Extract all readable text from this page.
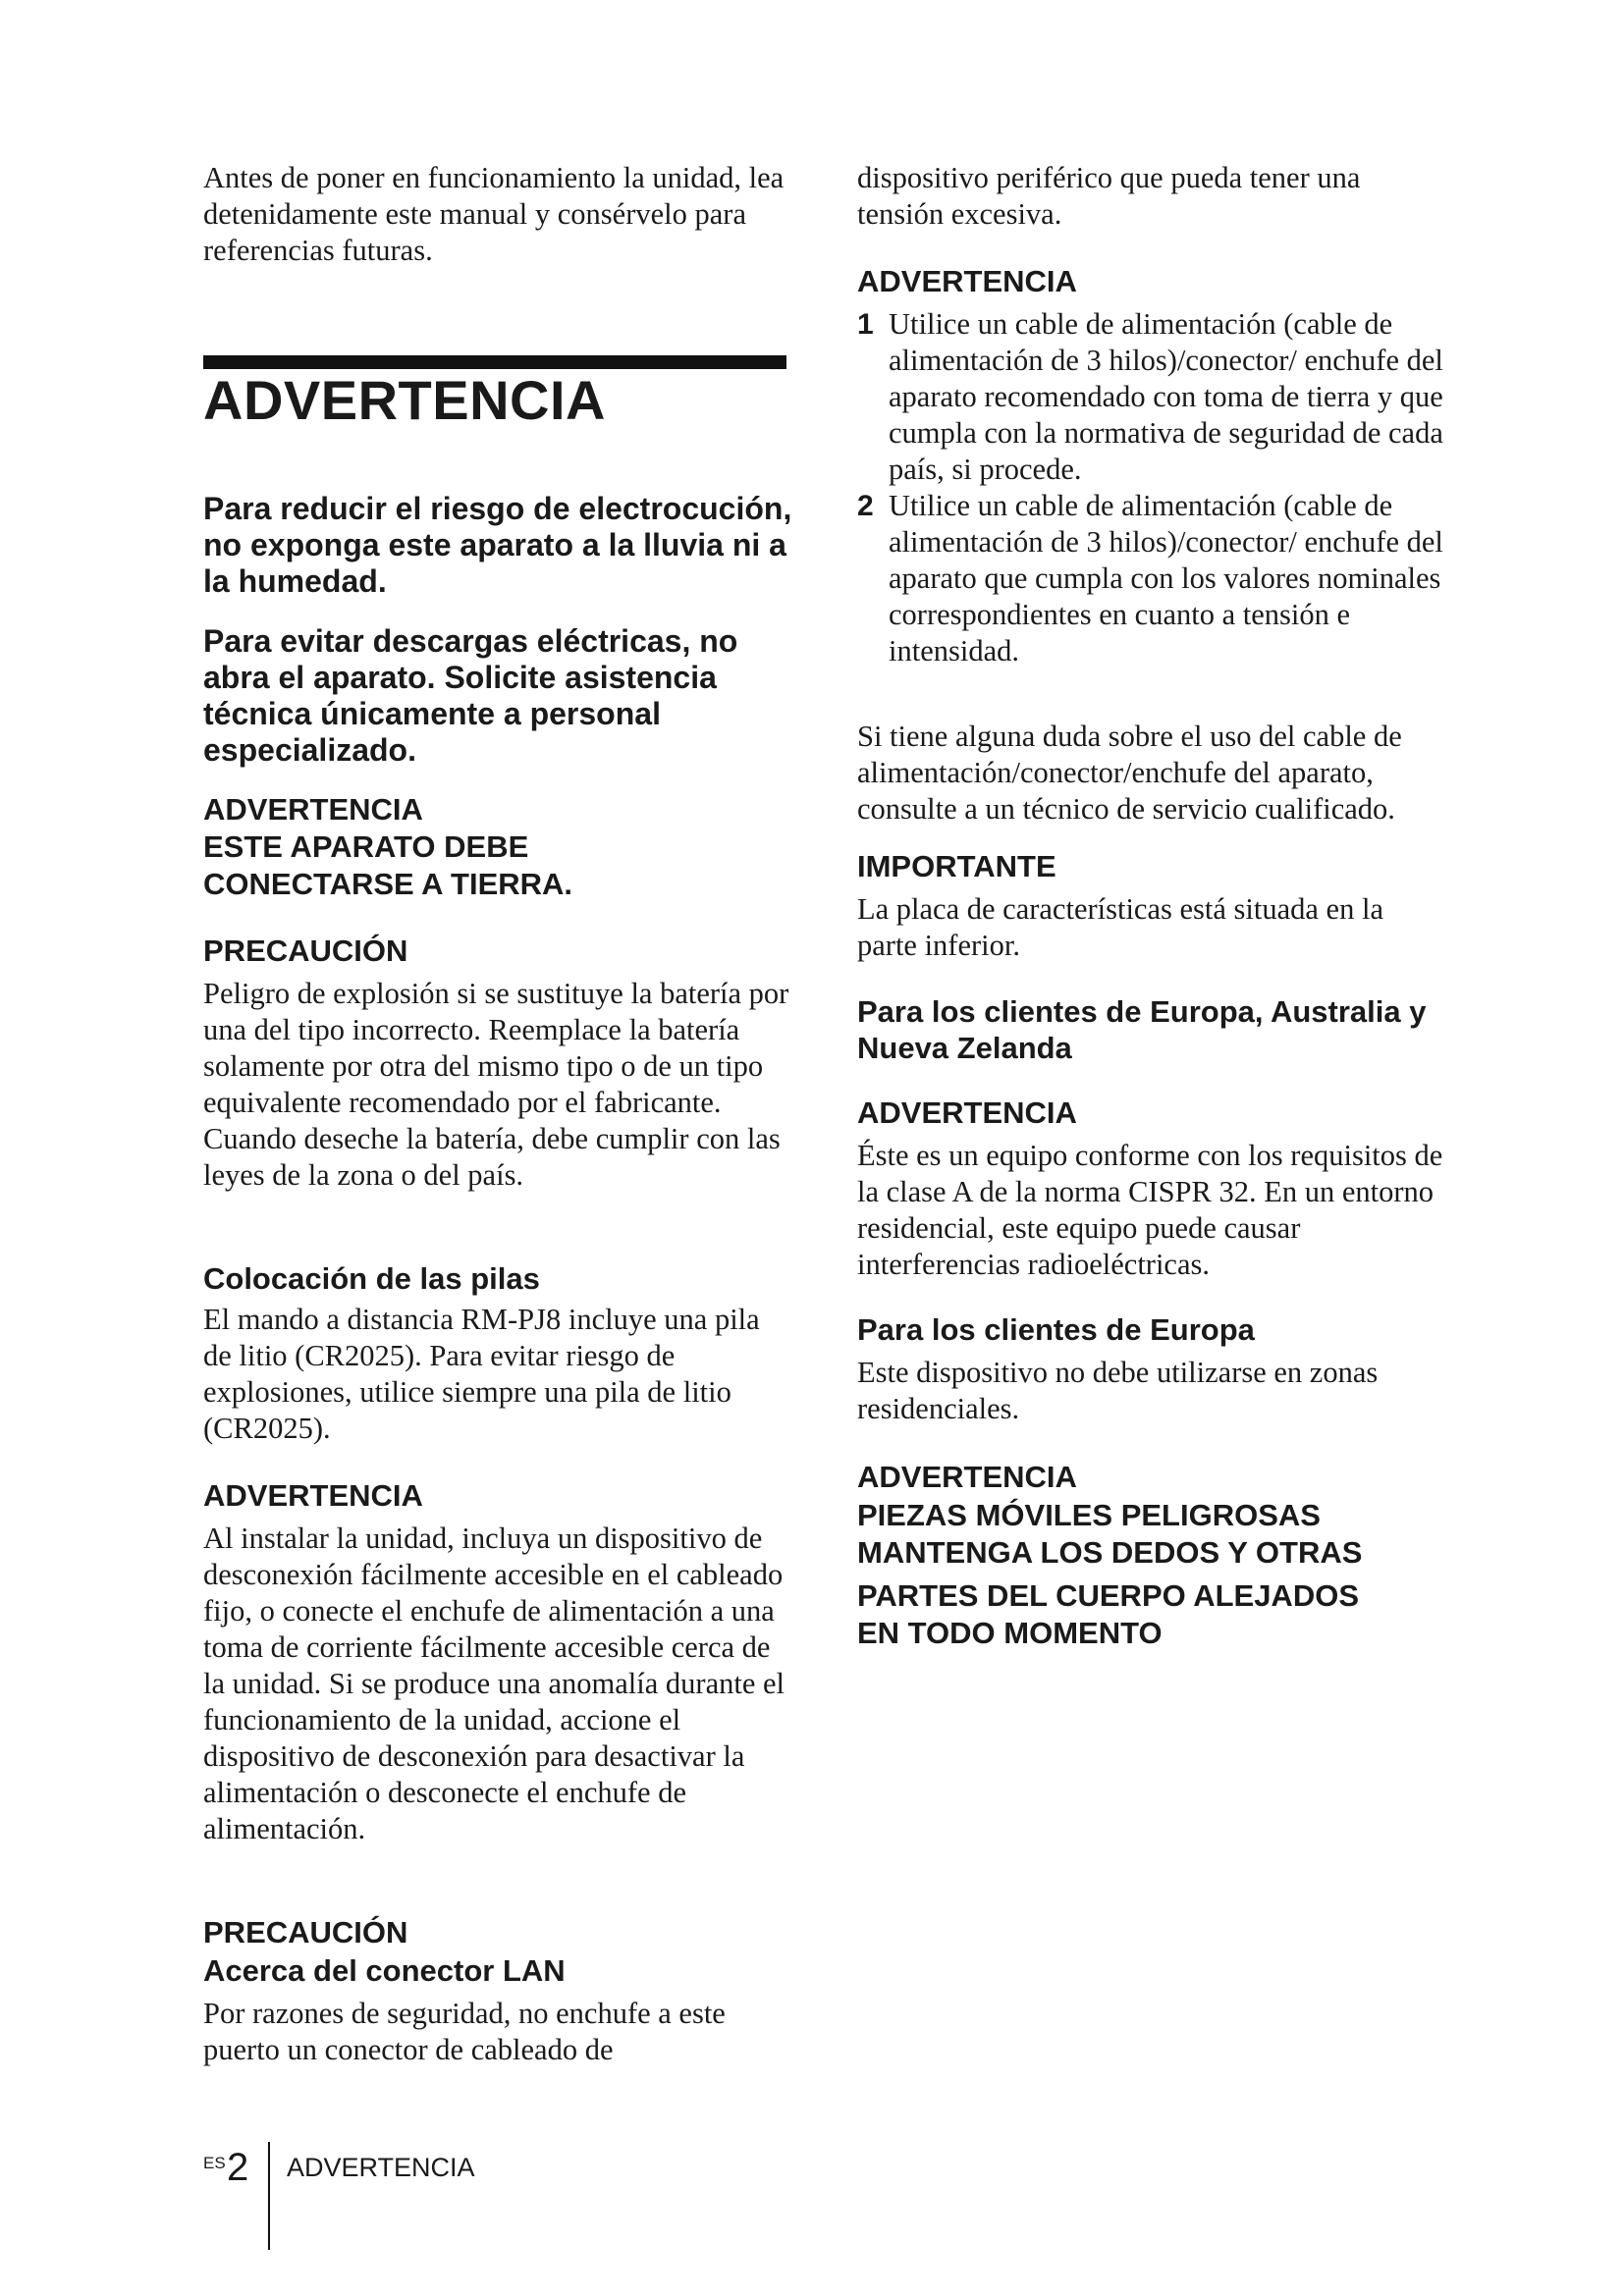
Antes de poner en funcionamiento la unidad, lea detenidamente este manual y consérvelo para referencias futuras.

ADVERTENCIA

Para reducir el riesgo de electrocución, no exponga este aparato a la lluvia ni a la humedad.

Para evitar descargas eléctricas, no abra el aparato. Solicite asistencia técnica únicamente a personal especializado.

ADVERTENCIA
ESTE APARATO DEBE
CONECTARSE A TIERRA.
PRECAUCIÓN

Peligro de explosión si se sustituye la batería por una del tipo incorrecto. Reemplace la batería solamente por otra del mismo tipo o de un tipo equivalente recomendado por el fabricante. Cuando deseche la batería, debe cumplir con las leyes de la zona o del país.

Colocación de las pilas

El mando a distancia RM-PJ8 incluye una pila de litio (CR2025). Para evitar riesgo de explosiones, utilice siempre una pila de litio (CR2025).

ADVERTENCIA

Al instalar la unidad, incluya un dispositivo de desconexión fácilmente accesible en el cableado fijo, o conecte el enchufe de alimentación a una toma de corriente fácilmente accesible cerca de la unidad. Si se produce una anomalía durante el funcionamiento de la unidad, accione el dispositivo de desconexión para desactivar la alimentación o desconecte el enchufe de alimentación.

PRECAUCIÓN
Acerca del conector LAN

Por razones de seguridad, no enchufe a este puerto un conector de cableado de

dispositivo periférico que pueda tener una tensión excesiva.

ADVERTENCIA
1 Utilice un cable de alimentación (cable de alimentación de 3 hilos)/conector/ enchufe del aparato recomendado con toma de tierra y que cumpla con la normativa de seguridad de cada país, si procede.
2 Utilice un cable de alimentación (cable de alimentación de 3 hilos)/conector/ enchufe del aparato que cumpla con los valores nominales correspondientes en cuanto a tensión e intensidad.

Si tiene alguna duda sobre el uso del cable de alimentación/conector/enchufe del aparato, consulte a un técnico de servicio cualificado.

IMPORTANTE

La placa de características está situada en la parte inferior.

Para los clientes de Europa, Australia y Nueva Zelanda
ADVERTENCIA

Éste es un equipo conforme con los requisitos de la clase A de la norma CISPR 32. En un entorno residencial, este equipo puede causar interferencias radioeléctricas.

Para los clientes de Europa

Este dispositivo no debe utilizarse en zonas residenciales.

ADVERTENCIA
PIEZAS MÓVILES PELIGROSAS
MANTENGA LOS DEDOS Y OTRAS
PARTES DEL CUERPO ALEJADOS
EN TODO MOMENTO
ES 2 ADVERTENCIA
